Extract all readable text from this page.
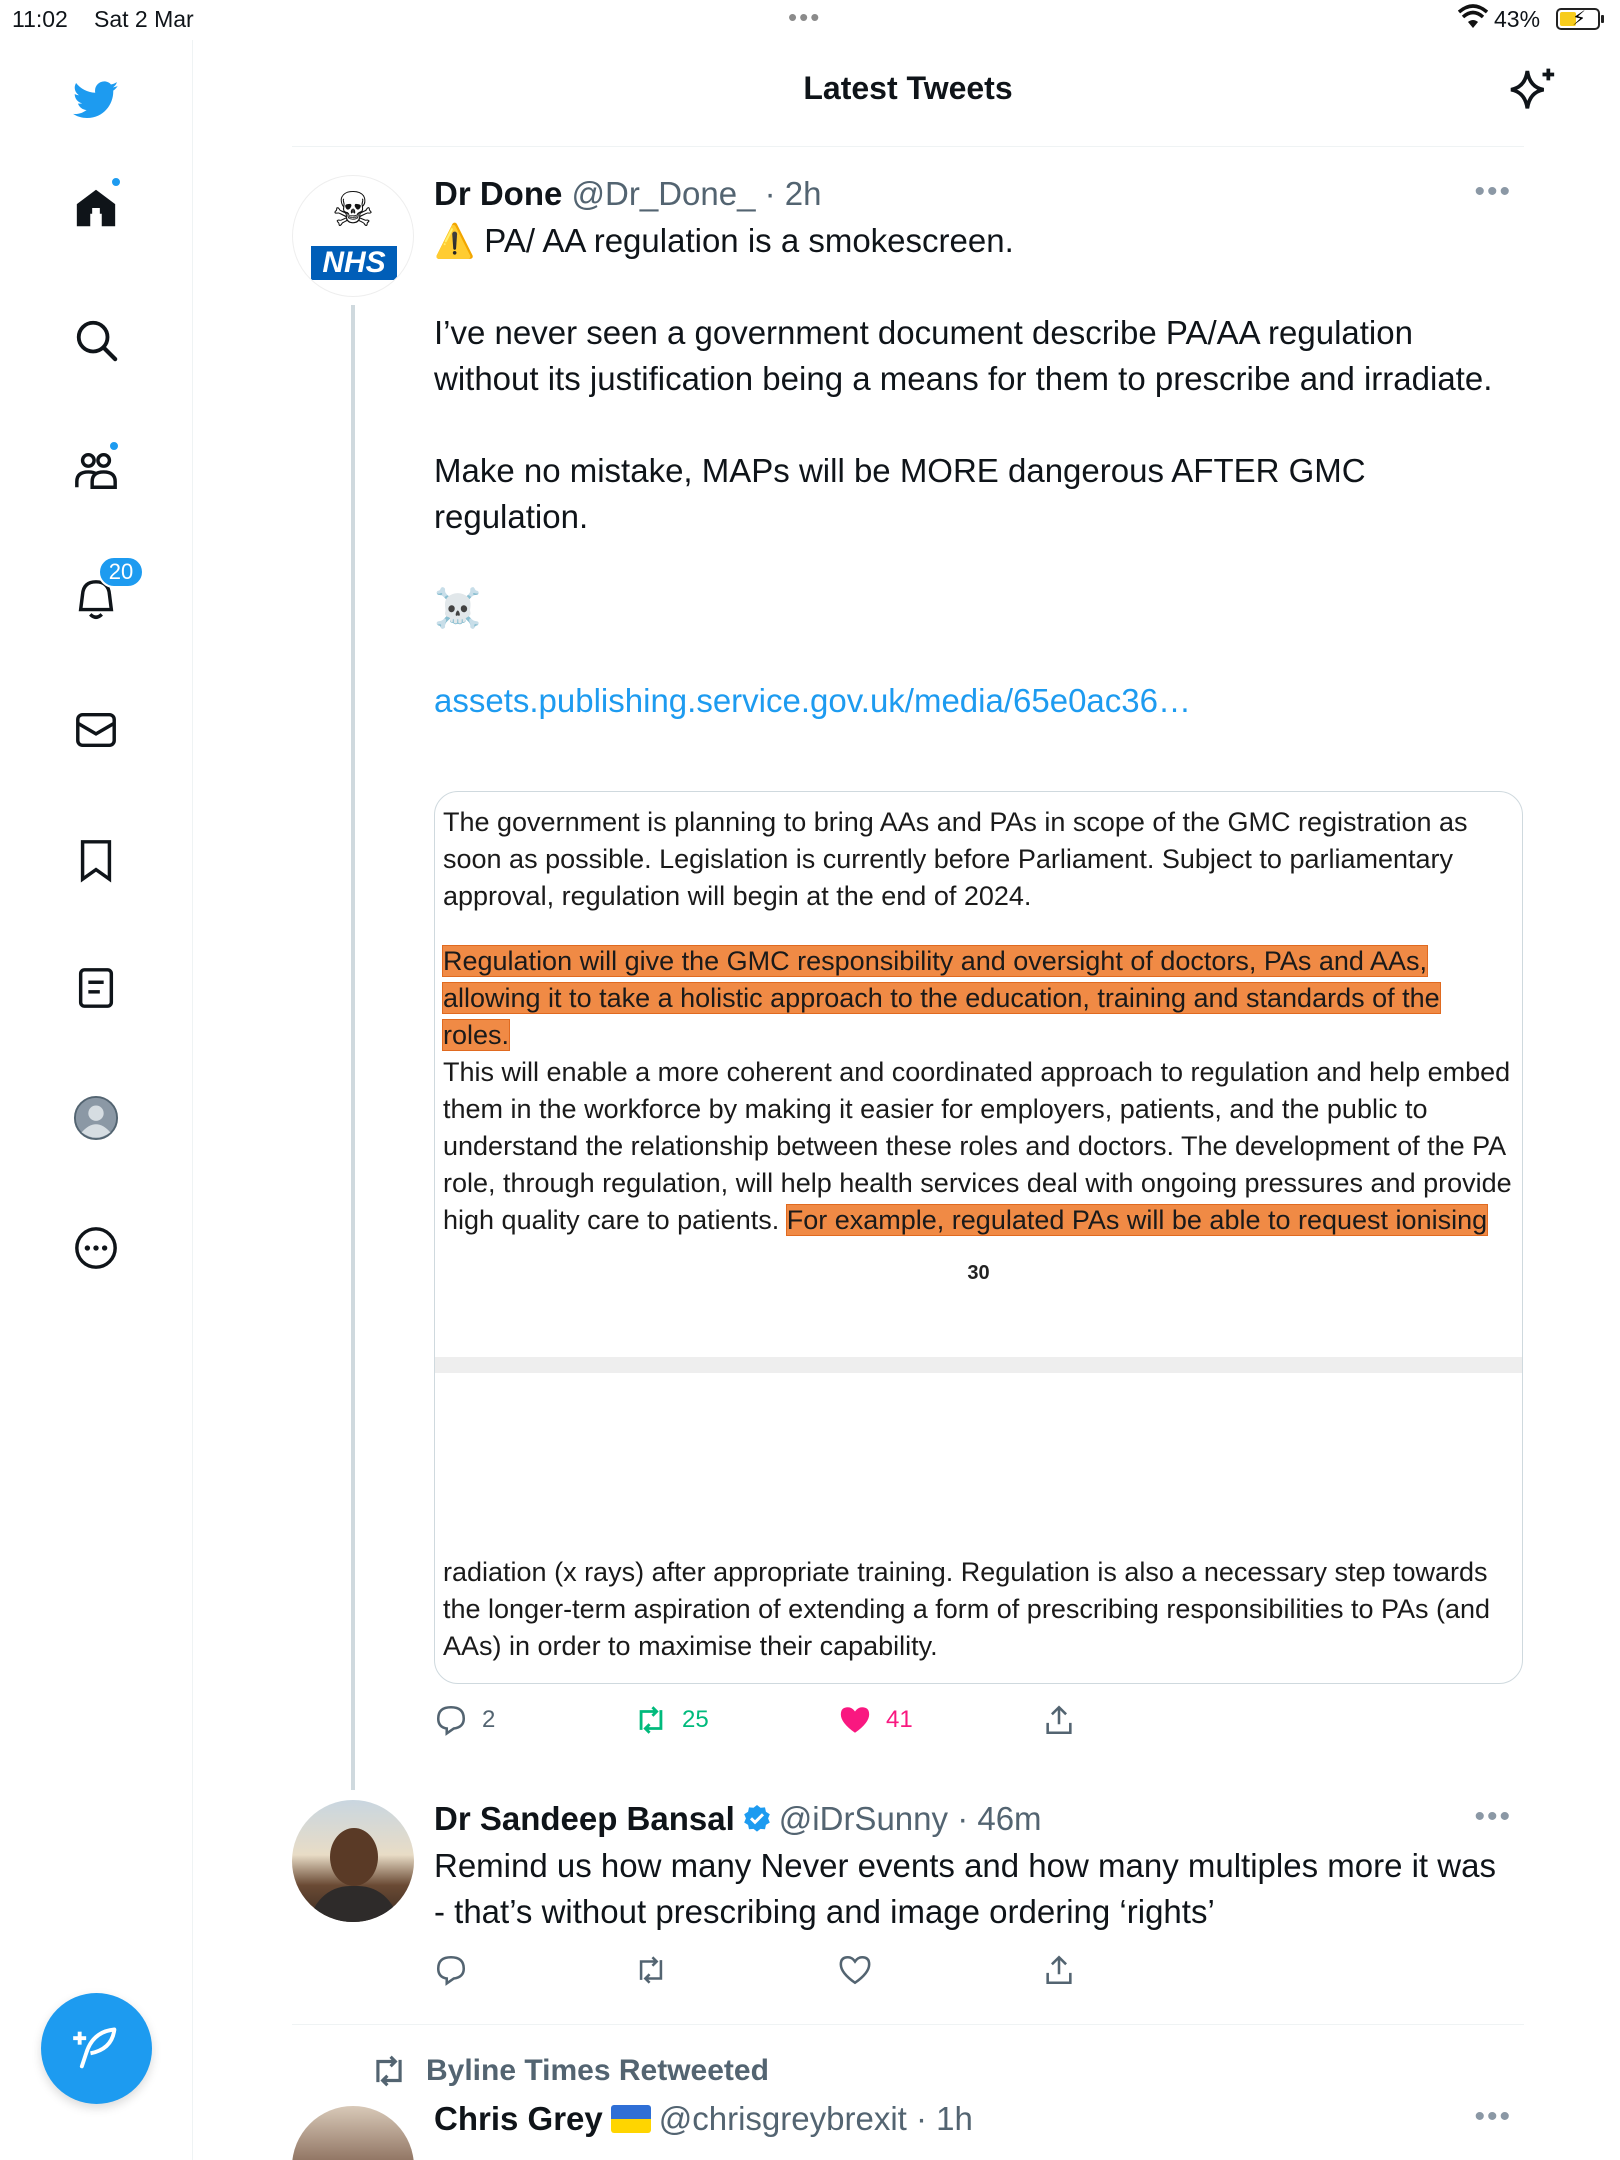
11:02 Sat 2 Mar	•••	43% ⚡
20
Latest Tweets
☠
NHS
Dr Done @Dr_Done_ · 2h	•••

⚠️ PA/ AA regulation is a smokescreen.

I’ve never seen a government document describe PA/AA regulation without its justification being a means for them to prescribe and irradiate.

Make no mistake, MAPs will be MORE dangerous AFTER GMC regulation.

☠️

assets.publishing.service.gov.uk/media/65e0ac36…
The government is planning to bring AAs and PAs in scope of the GMC registration as soon as possible. Legislation is currently before Parliament. Subject to parliamentary approval, regulation will begin at the end of 2024.
Regulation will give the GMC responsibility and oversight of doctors, PAs and AAs,
allowing it to take a holistic approach to the education, training and standards of the roles.
This will enable a more coherent and coordinated approach to regulation and help embed them in the workforce by making it easier for employers, patients, and the public to understand the relationship between these roles and doctors. The development of the PA role, through regulation, will help health services deal with ongoing pressures and provide high quality care to patients. For example, regulated PAs will be able to request ionising
30
radiation (x rays) after appropriate training. Regulation is also a necessary step towards the longer-term aspiration of extending a form of prescribing responsibilities to PAs (and AAs) in order to maximise their capability.
2	25	41
Dr Sandeep Bansal @iDrSunny · 46m	•••
Remind us how many Never events and how many multiples more it was - that’s without prescribing and image ordering ‘rights’
Byline Times Retweeted
Chris Grey @chrisgreybrexit · 1h	•••
